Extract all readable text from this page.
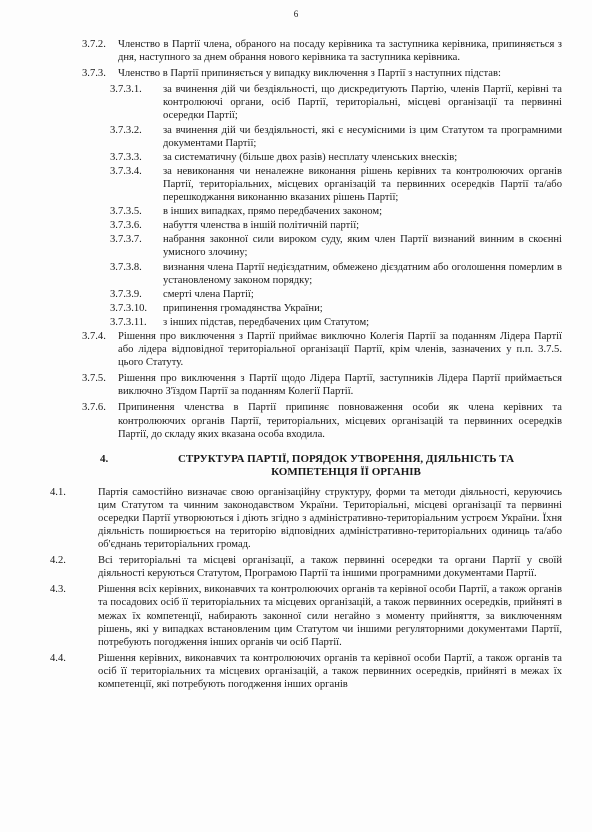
6
3.7.2. Членство в Партії члена, обраного на посаду керівника та заступника керівника, припиняється з дня, наступного за днем обрання нового керівника та заступника керівника.
3.7.3. Членство в Партії припиняється у випадку виключення з Партії з наступних підстав:
3.7.3.1. за вчинення дій чи бездіяльності, що дискредитують Партію, членів Партії, керівні та контролюючі органи, осіб Партії, територіальні, місцеві організації та первинні осередки Партії;
3.7.3.2. за вчинення дій чи бездіяльності, які є несумісними із цим Статутом та програмними документами Партії;
3.7.3.3. за систематичну (більше двох разів) несплату членських внесків;
3.7.3.4. за невиконання чи неналежне виконання рішень керівних та контролюючих органів Партії, територіальних, місцевих організацій та первинних осередків Партії та/або перешкоджання виконанню вказаних рішень Партії;
3.7.3.5. в інших випадках, прямо передбачених законом;
3.7.3.6. набуття членства в іншій політичній партії;
3.7.3.7. набрання законної сили вироком суду, яким член Партії визнаний винним в скоєнні умисного злочину;
3.7.3.8. визнання члена Партії недієздатним, обмежено дієздатним або оголошення померлим в установленому законом порядку;
3.7.3.9. смерті члена Партії;
3.7.3.10. припинення громадянства України;
3.7.3.11. з інших підстав, передбачених цим Статутом;
3.7.4. Рішення про виключення з Партії приймає виключно Колегія Партії за поданням Лідера Партії або лідера відповідної територіальної організації Партії, крім членів, зазначених у п.п. 3.7.5. цього Статуту.
3.7.5. Рішення про виключення з Партії щодо Лідера Партії, заступників Лідера Партії приймається виключно З'їздом Партії за поданням Колегії Партії.
3.7.6. Припинення членства в Партії припиняє повноваження особи як члена керівних та контролюючих органів Партії, територіальних, місцевих організацій та первинних осередків Партії, до складу яких вказана особа входила.
4.	СТРУКТУРА ПАРТІЇ, ПОРЯДОК УТВОРЕННЯ, ДІЯЛЬНІСТЬ ТА КОМПЕТЕНЦІЯ ЇЇ ОРГАНІВ
4.1.	Партія самостійно визначає свою організаційну структуру, форми та методи діяльності, керуючись цим Статутом та чинним законодавством України. Територіальні, місцеві організації та первинні осередки Партії утворюються і діють згідно з адміністративно-територіальним устроєм України. Їхня діяльність поширюється на територію відповідних адміністративно-територіальних одиниць та/або об'єднань територіальних громад.
4.2.	Всі територіальні та місцеві організації, а також первинні осередки та органи Партії у своїй діяльності керуються Статутом, Програмою Партії та іншими програмними документами Партії.
4.3.	Рішення всіх керівних, виконавчих та контролюючих органів та керівної особи Партії, а також органів та посадових осіб її територіальних та місцевих організацій, а також первинних осередків, прийняті в межах їх компетенції, набирають законної сили негайно з моменту прийняття, за виключенням рішень, які у випадках встановленим цим Статутом чи іншими регуляторними документами Партії, потребують погодження інших органів чи осіб Партії.
4.4.	Рішення керівних, виконавчих та контролюючих органів та керівної особи Партії, а також органів та осіб її територіальних та місцевих організацій, а також первинних осередків, прийняті в межах їх компетенції, які потребують погодження інших органів
